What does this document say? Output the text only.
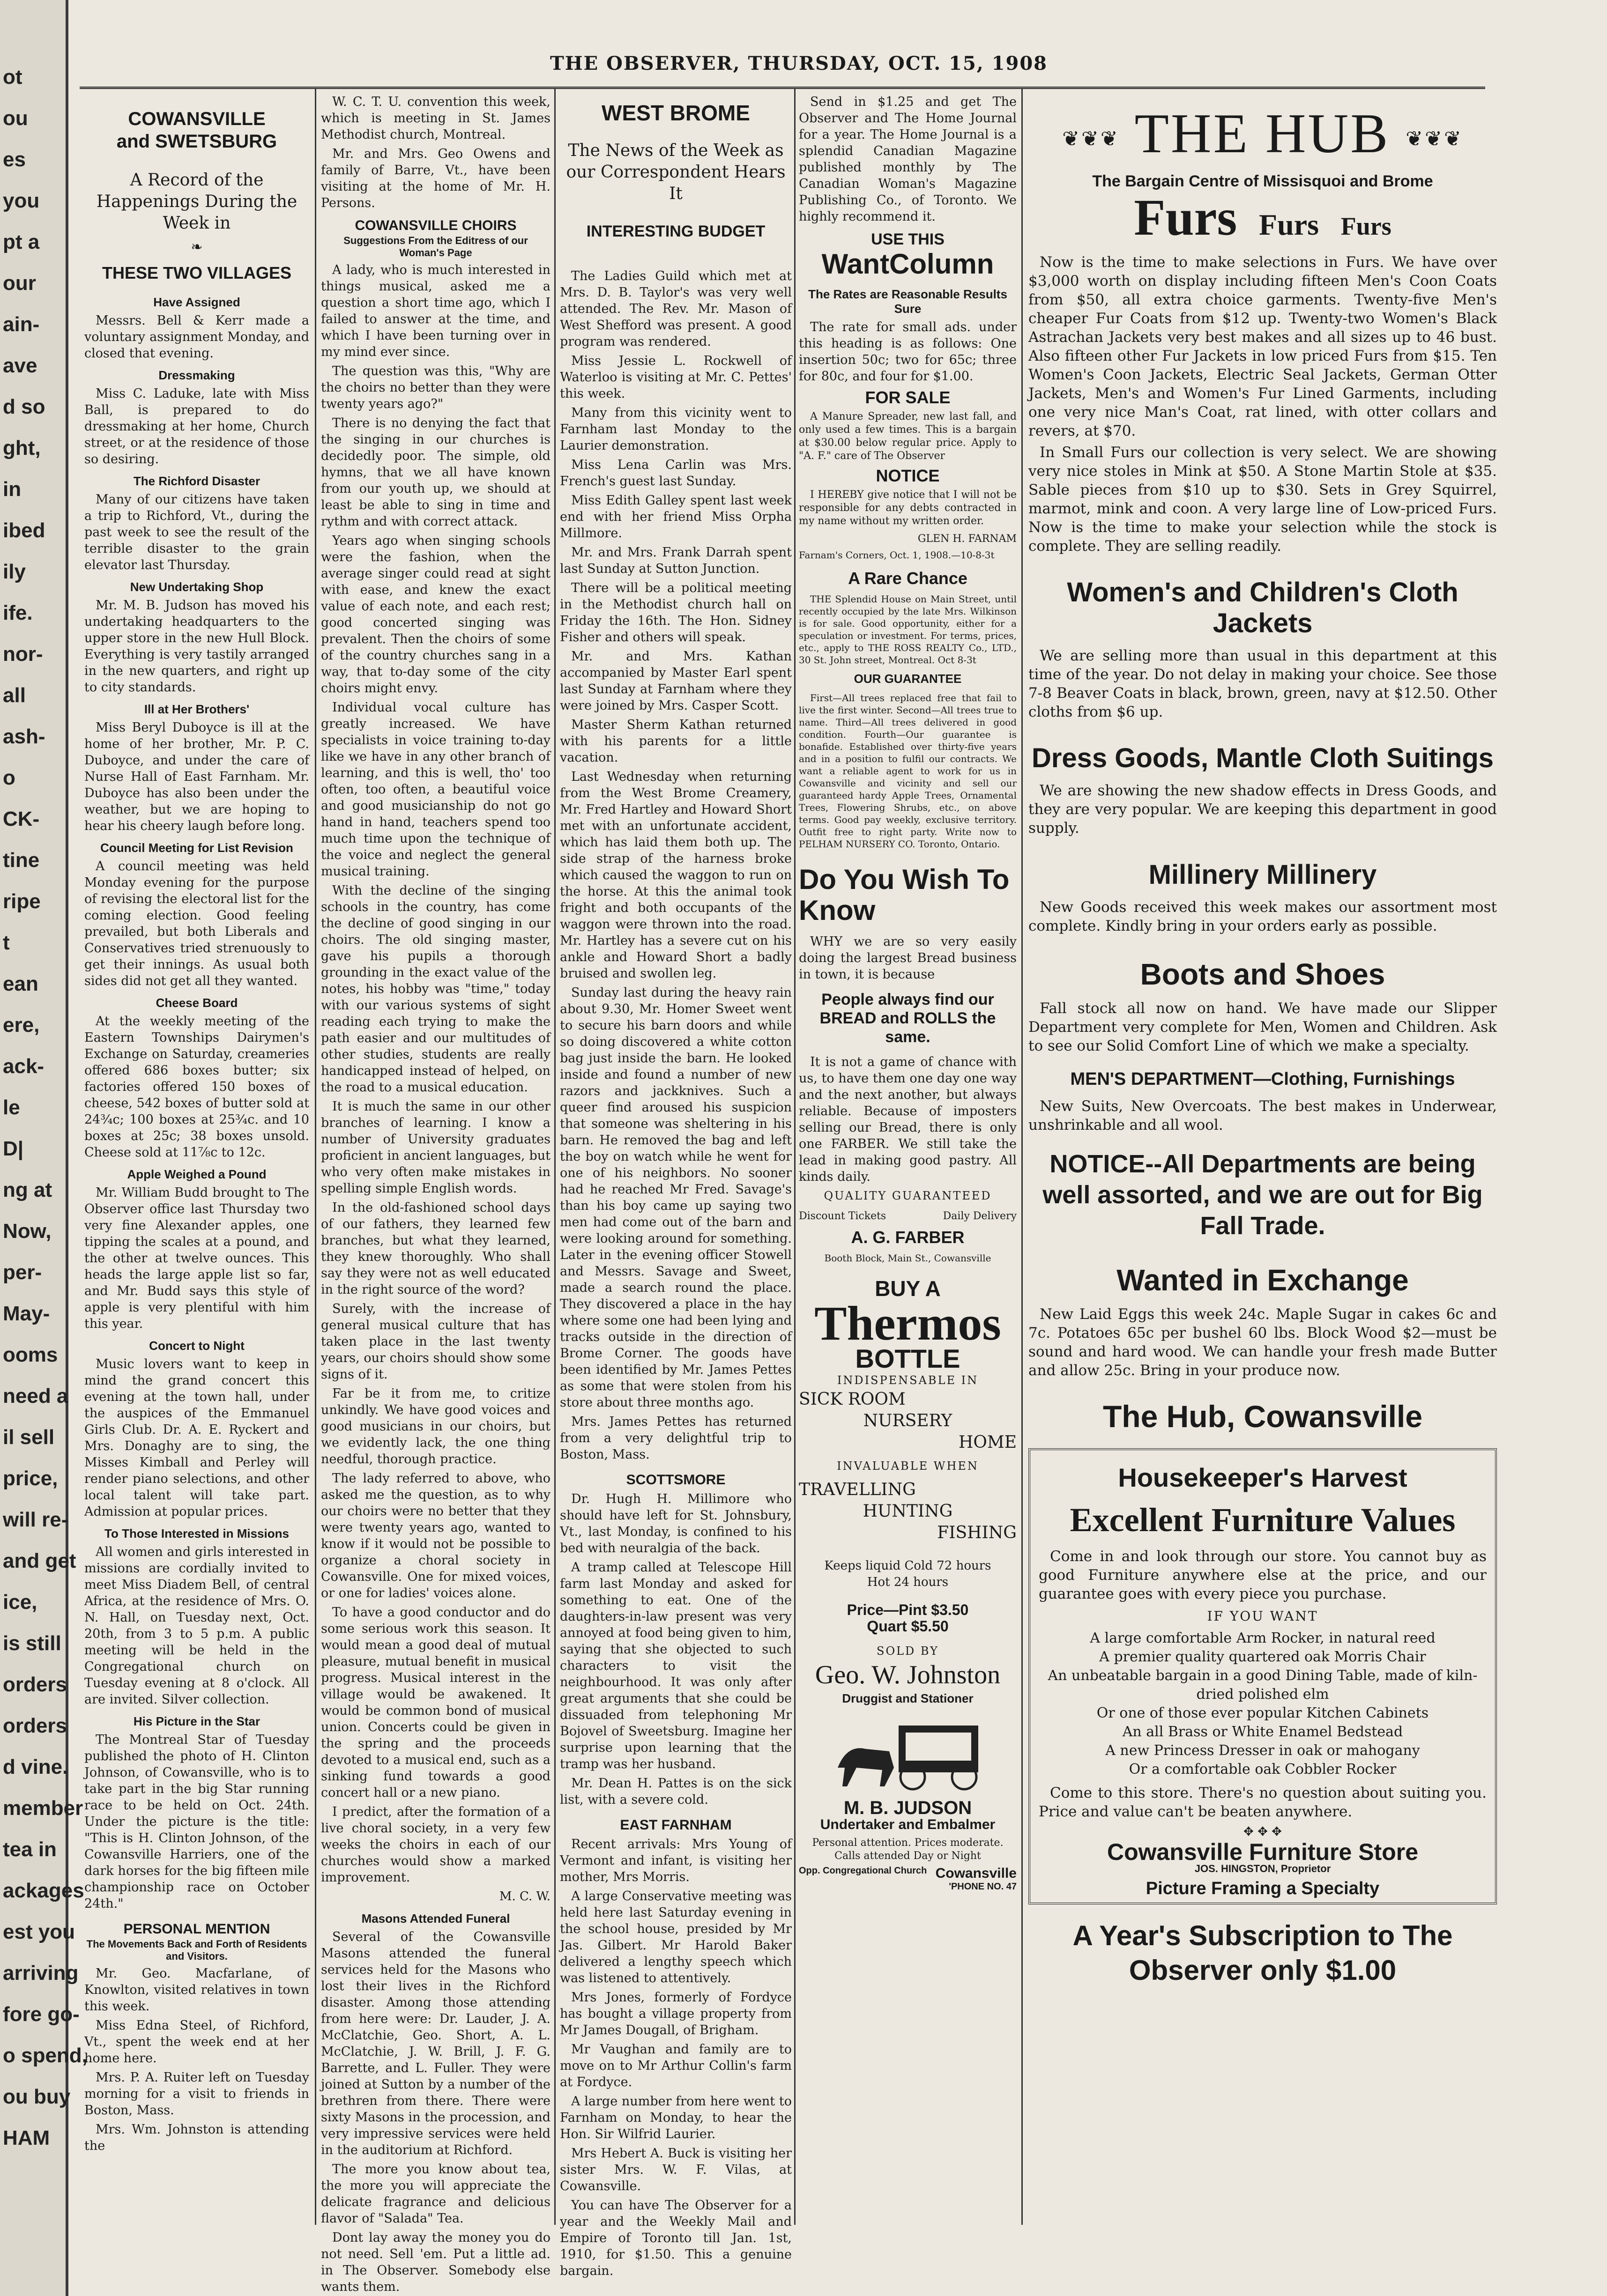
ot
ou
es
you
pt a
our
ain-
ave
d so
ght,
in
ibed
ily
ife.
nor-
all
ash-
o
CK-
tine
ripe
t
ean
ere,
ack-
le
D|
ng at
Now,
per-
May-
ooms
need a
il sell
price,
will re-
and get
ice,
is still
orders
orders
d vine.
member
tea in
ackages
est you
arriving
fore go-
o spend,
ou buy
HAM
THE OBSERVER, THURSDAY, OCT. 15, 1908
COWANSVILLE
and SWETSBURG
A Record of the Happenings During the Week in
❧
THESE TWO VILLAGES
Have Assigned

Messrs. Bell & Kerr made a voluntary assignment Monday, and closed that evening.

Dressmaking

Miss C. Laduke, late with Miss Ball, is prepared to do dressmaking at her home, Church street, or at the residence of those so desiring.

The Richford Disaster

Many of our citizens have taken a trip to Richford, Vt., during the past week to see the result of the terrible disaster to the grain elevator last Thursday.

New Undertaking Shop

Mr. M. B. Judson has moved his undertaking headquarters to the upper store in the new Hull Block. Everything is very tastily arranged in the new quarters, and right up to city standards.

Ill at Her Brothers'

Miss Beryl Duboyce is ill at the home of her brother, Mr. P. C. Duboyce, and under the care of Nurse Hall of East Farnham. Mr. Duboyce has also been under the weather, but we are hoping to hear his cheery laugh before long.

Council Meeting for List Revision

A council meeting was held Monday evening for the purpose of revising the electoral list for the coming election. Good feeling prevailed, but both Liberals and Conservatives tried strenuously to get their innings. As usual both sides did not get all they wanted.

Cheese Board

At the weekly meeting of the Eastern Townships Dairymen's Exchange on Saturday, creameries offered 686 boxes butter; six factories offered 150 boxes of cheese, 542 boxes of butter sold at 24¾c; 100 boxes at 25¾c. and 10 boxes at 25c; 38 boxes unsold. Cheese sold at 11⅞c to 12c.

Apple Weighed a Pound

Mr. William Budd brought to The Observer office last Thursday two very fine Alexander apples, one tipping the scales at a pound, and the other at twelve ounces. This heads the large apple list so far, and Mr. Budd says this style of apple is very plentiful with him this year.

Concert to Night

Music lovers want to keep in mind the grand concert this evening at the town hall, under the auspices of the Emmanuel Girls Club. Dr. A. E. Ryckert and Mrs. Donaghy are to sing, the Misses Kimball and Perley will render piano selections, and other local talent will take part. Admission at popular prices.

To Those Interested in Missions

All women and girls interested in missions are cordially invited to meet Miss Diadem Bell, of central Africa, at the residence of Mrs. O. N. Hall, on Tuesday next, Oct. 20th, from 3 to 5 p.m. A public meeting will be held in the Congregational church on Tuesday evening at 8 o'clock. All are invited. Silver collection.

His Picture in the Star

The Montreal Star of Tuesday published the photo of H. Clinton Johnson, of Cowansville, who is to take part in the big Star running race to be held on Oct. 24th. Under the picture is the title: "This is H. Clinton Johnson, of the Cowansville Harriers, one of the dark horses for the big fifteen mile championship race on October 24th."

PERSONAL MENTION
The Movements Back and Forth of Residents and Visitors.

Mr. Geo. Macfarlane, of Knowlton, visited relatives in town this week.

Miss Edna Steel, of Richford, Vt., spent the week end at her home here.

Mrs. P. A. Ruiter left on Tuesday morning for a visit to friends in Boston, Mass.

Mrs. Wm. Johnston is attending the

W. C. T. U. convention this week, which is meeting in St. James Methodist church, Montreal.

Mr. and Mrs. Geo Owens and family of Barre, Vt., have been visiting at the home of Mr. H. Persons.

COWANSVILLE CHOIRS
Suggestions From the Editress of our Woman's Page

A lady, who is much interested in things musical, asked me a question a short time ago, which I failed to answer at the time, and which I have been turning over in my mind ever since.

The question was this, "Why are the choirs no better than they were twenty years ago?"

There is no denying the fact that the singing in our churches is decidedly poor. The simple, old hymns, that we all have known from our youth up, we should at least be able to sing in time and rythm and with correct attack.

Years ago when singing schools were the fashion, when the average singer could read at sight with ease, and knew the exact value of each note, and each rest; good concerted singing was prevalent. Then the choirs of some of the country churches sang in a way, that to-day some of the city choirs might envy.

Individual vocal culture has greatly increased. We have specialists in voice training to-day like we have in any other branch of learning, and this is well, tho' too often, too often, a beautiful voice and good musicianship do not go hand in hand, teachers spend too much time upon the technique of the voice and neglect the general musical training.

With the decline of the singing schools in the country, has come the decline of good singing in our choirs. The old singing master, gave his pupils a thorough grounding in the exact value of the notes, his hobby was "time," today with our various systems of sight reading each trying to make the path easier and our multitudes of other studies, students are really handicapped instead of helped, on the road to a musical education.

It is much the same in our other branches of learning. I know a number of University graduates proficient in ancient languages, but who very often make mistakes in spelling simple English words.

In the old-fashioned school days of our fathers, they learned few branches, but what they learned, they knew thoroughly. Who shall say they were not as well educated in the right source of the word?

Surely, with the increase of general musical culture that has taken place in the last twenty years, our choirs should show some signs of it.

Far be it from me, to critize unkindly. We have good voices and good musicians in our choirs, but we evidently lack, the one thing needful, thorough practice.

The lady referred to above, who asked me the question, as to why our choirs were no better that they were twenty years ago, wanted to know if it would not be possible to organize a choral society in Cowansville. One for mixed voices, or one for ladies' voices alone.

To have a good conductor and do some serious work this season. It would mean a good deal of mutual pleasure, mutual benefit in musical progress. Musical interest in the village would be awakened. It would be common bond of musical union. Concerts could be given in the spring and the proceeds devoted to a musical end, such as a sinking fund towards a good concert hall or a new piano.

I predict, after the formation of a live choral society, in a very few weeks the choirs in each of our churches would show a marked improvement.

M. C. W.
Masons Attended Funeral

Several of the Cowansville Masons attended the funeral services held for the Masons who lost their lives in the Richford disaster. Among those attending from here were: Dr. Lauder, J. A. McClatchie, Geo. Short, A. L. McClatchie, J. W. Brill, J. F. G. Barrette, and L. Fuller. They were joined at Sutton by a number of the brethren from there. There were sixty Masons in the procession, and very impressive services were held in the auditorium at Richford.

The more you know about tea, the more you will appreciate the delicate fragrance and delicious flavor of "Salada" Tea.

Dont lay away the money you do not need. Sell 'em. Put a little ad. in The Observer. Somebody else wants them.

WEST BROME
The News of the Week as our Correspondent Hears It
INTERESTING BUDGET

The Ladies Guild which met at Mrs. D. B. Taylor's was very well attended. The Rev. Mr. Mason of West Shefford was present. A good program was rendered.

Miss Jessie L. Rockwell of Waterloo is visiting at Mr. C. Pettes' this week.

Many from this vicinity went to Farnham last Monday to the Laurier demonstration.

Miss Lena Carlin was Mrs. French's guest last Sunday.

Miss Edith Galley spent last week end with her friend Miss Orpha Millmore.

Mr. and Mrs. Frank Darrah spent last Sunday at Sutton Junction.

There will be a political meeting in the Methodist church hall on Friday the 16th. The Hon. Sidney Fisher and others will speak.

Mr. and Mrs. Kathan accompanied by Master Earl spent last Sunday at Farnham where they were joined by Mrs. Casper Scott.

Master Sherm Kathan returned with his parents for a little vacation.

Last Wednesday when returning from the West Brome Creamery, Mr. Fred Hartley and Howard Short met with an unfortunate accident, which has laid them both up. The side strap of the harness broke which caused the waggon to run on the horse. At this the animal took fright and both occupants of the waggon were thrown into the road. Mr. Hartley has a severe cut on his ankle and Howard Short a badly bruised and swollen leg.

Sunday last during the heavy rain about 9.30, Mr. Homer Sweet went to secure his barn doors and while so doing discovered a white cotton bag just inside the barn. He looked inside and found a number of new razors and jackknives. Such a queer find aroused his suspicion that someone was sheltering in his barn. He removed the bag and left the boy on watch while he went for one of his neighbors. No sooner had he reached Mr Fred. Savage's than his boy came up saying two men had come out of the barn and were looking around for something. Later in the evening officer Stowell and Messrs. Savage and Sweet, made a search round the place. They discovered a place in the hay where some one had been lying and tracks outside in the direction of Brome Corner. The goods have been identified by Mr. James Pettes as some that were stolen from his store about three months ago.

Mrs. James Pettes has returned from a very delightful trip to Boston, Mass.

SCOTTSMORE

Dr. Hugh H. Millimore who should have left for St. Johnsbury, Vt., last Monday, is confined to his bed with neuralgia of the back.

A tramp called at Telescope Hill farm last Monday and asked for something to eat. One of the daughters-in-law present was very annoyed at food being given to him, saying that she objected to such characters to visit the neighbourhood. It was only after great arguments that she could be dissuaded from telephoning Mr Bojovel of Sweetsburg. Imagine her surprise upon learning that the tramp was her husband.

Mr. Dean H. Pattes is on the sick list, with a severe cold.

EAST FARNHAM

Recent arrivals: Mrs Young of Vermont and infant, is visiting her mother, Mrs Morris.

A large Conservative meeting was held here last Saturday evening in the school house, presided by Mr Jas. Gilbert. Mr Harold Baker delivered a lengthy speech which was listened to attentively.

Mrs Jones, formerly of Fordyce has bought a village property from Mr James Dougall, of Brigham.

Mr Vaughan and family are to move on to Mr Arthur Collin's farm at Fordyce.

A large number from here went to Farnham on Monday, to hear the Hon. Sir Wilfrid Laurier.

Mrs Hebert A. Buck is visiting her sister Mrs. W. F. Vilas, at Cowansville.

You can have The Observer for a year and the Weekly Mail and Empire of Toronto till Jan. 1st, 1910, for $1.50. This a genuine bargain.

Send in $1.25 and get The Observer and The Home Journal for a year. The Home Journal is a splendid Canadian Magazine published monthly by The Canadian Woman's Magazine Publishing Co., of Toronto. We highly recommend it.

USE THIS
WantColumn
The Rates are Reasonable Results Sure

The rate for small ads. under this heading is as follows: One insertion 50c; two for 65c; three for 80c, and four for $1.00.

FOR SALE

A Manure Spreader, new last fall, and only used a few times. This is a bargain at $30.00 below regular price. Apply to "A. F." care of The Observer

NOTICE

I HEREBY give notice that I will not be responsible for any debts contracted in my name without my written order.

GLEN H. FARNAM
Farnam's Corners, Oct. 1, 1908.—10-8-3t
A Rare Chance

THE Splendid House on Main Street, until recently occupied by the late Mrs. Wilkinson is for sale. Good opportunity, either for a speculation or investment. For terms, prices, etc., apply to THE ROSS REALTY Co., LTD., 30 St. John street, Montreal. Oct 8-3t

OUR GUARANTEE

First—All trees replaced free that fail to live the first winter. Second—All trees true to name. Third—All trees delivered in good condition. Fourth—Our guarantee is bonafide. Established over thirty-five years and in a position to fulfil our contracts. We want a reliable agent to work for us in Cowansville and vicinity and sell our guaranteed hardy Apple Trees, Ornamental Trees, Flowering Shrubs, etc., on above terms. Good pay weekly, exclusive territory. Outfit free to right party. Write now to PELHAM NURSERY CO. Toronto, Ontario.

Do You Wish To Know

WHY we are so very easily doing the largest Bread business in town, it is because

People always find our BREAD and ROLLS the same.

It is not a game of chance with us, to have them one day one way and the next another, but always reliable. Because of imposters selling our Bread, there is only one FARBER. We still take the lead in making good pastry. All kinds daily.

QUALITY GUARANTEED
Discount Tickets	Daily Delivery
A. G. FARBER
Booth Block, Main St., Cowansville
BUY A
Thermos
BOTTLE
INDISPENSABLE IN
SICK ROOM
NURSERY
HOME
INVALUABLE WHEN
TRAVELLING
HUNTING
FISHING
Keeps liquid Cold 72 hours
Hot 24 hours
Price—Pint $3.50
Quart $5.50
SOLD BY
Geo. W. Johnston
Druggist and Stationer
M. B. JUDSON
Undertaker and Embalmer
Personal attention. Prices moderate. Calls attended Day or Night
Opp. Congregational Church Cowansville
'PHONE NO. 47
❦❦❦ THE HUB ❦❦❦
The Bargain Centre of Missisquoi and Brome
Furs Furs Furs

Now is the time to make selections in Furs. We have over $3,000 worth on display including fifteen Men's Coon Coats from $50, all extra choice garments. Twenty-five Men's cheaper Fur Coats from $12 up. Twenty-two Women's Black Astrachan Jackets very best makes and all sizes up to 46 bust. Also fifteen other Fur Jackets in low priced Furs from $15. Ten Women's Coon Jackets, Electric Seal Jackets, German Otter Jackets, Men's and Women's Fur Lined Garments, including one very nice Man's Coat, rat lined, with otter collars and revers, at $70.

In Small Furs our collection is very select. We are showing very nice stoles in Mink at $50. A Stone Martin Stole at $35. Sable pieces from $10 up to $30. Sets in Grey Squirrel, marmot, mink and coon. A very large line of Low-priced Furs. Now is the time to make your selection while the stock is complete. They are selling readily.

Women's and Children's Cloth Jackets

We are selling more than usual in this department at this time of the year. Do not delay in making your choice. See those 7-8 Beaver Coats in black, brown, green, navy at $12.50. Other cloths from $6 up.

Dress Goods, Mantle Cloth Suitings

We are showing the new shadow effects in Dress Goods, and they are very popular. We are keeping this department in good supply.

Millinery Millinery

New Goods received this week makes our assortment most complete. Kindly bring in your orders early as possible.

Boots and Shoes

Fall stock all now on hand. We have made our Slipper Department very complete for Men, Women and Children. Ask to see our Solid Comfort Line of which we make a specialty.

MEN'S DEPARTMENT—Clothing, Furnishings

New Suits, New Overcoats. The best makes in Underwear, unshrinkable and all wool.

NOTICE--All Departments are being well assorted, and we are out for Big Fall Trade.
Wanted in Exchange

New Laid Eggs this week 24c. Maple Sugar in cakes 6c and 7c. Potatoes 65c per bushel 60 lbs. Block Wood $2—must be sound and hard wood. We can handle your fresh made Butter and allow 25c. Bring in your produce now.

The Hub, Cowansville
Housekeeper's Harvest
Excellent Furniture Values

Come in and look through our store. You cannot buy as good Furniture anywhere else at the price, and our guarantee goes with every piece you purchase.

IF YOU WANT
A large comfortable Arm Rocker, in natural reed
A premier quality quartered oak Morris Chair
An unbeatable bargain in a good Dining Table, made of kiln-dried polished elm
Or one of those ever popular Kitchen Cabinets
An all Brass or White Enamel Bedstead
A new Princess Dresser in oak or mahogany
Or a comfortable oak Cobbler Rocker

Come to this store. There's no question about suiting you. Price and value can't be beaten anywhere.

✥ ✥ ✥
Cowansville Furniture Store
JOS. HINGSTON, Proprietor
Picture Framing a Specialty
A Year's Subscription to The Observer only $1.00
